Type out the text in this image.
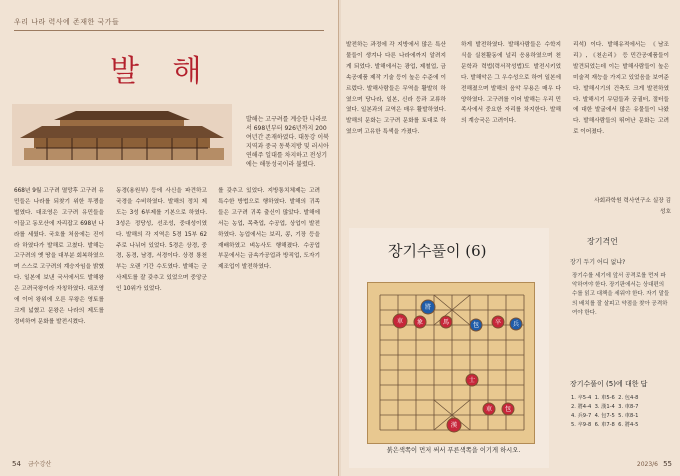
우리 나라 력사에 존재한 국가들
발 해
발해는 고구려를 계승한 나라로서 698년부터 926년까지 200여년간 존재하였다. 대동강 이북 지역과 중국 동북지방 및 러시아 연해주 일대를 차지하고 전성기에는 해동성국이라 불렸다.
668년 9월 고구려 멸망후 고구려 유민들은 나라를 되찾기 위한 투쟁을 벌였다. 대조영은 고구려 유민들을 이끌고 동모산에 자리잡고 698년 나라를 세웠다. 국호를 처음에는 진이라 하였다가 발해로 고쳤다. 발해는 고구려의 옛 땅을 대부분 회복하였으며 스스로 고구려의 계승자임을 밝혔다. 일본에 보낸 국서에서도 발해왕은 고려국왕이라 자칭하였다. 대조영에 이어 왕위에 오른 무왕은 영토를 크게 넓혔고 문왕은 나라의 제도를 정비하여 문화를 발전시켰다.
동경(용원부) 등에 사신을 파견하고 국경을 수비하였다. 발해의 정치 제도는 3성 6부제를 기본으로 하였다. 3성은 정당성, 선조성, 중대성이였다. 발해의 각 지역은 5경 15부 62주로 나뉘어 있었다. 5경은 상경, 중경, 동경, 남경, 서경이다. 상경 룡천부는 오랜 기간 수도였다. 발해는 군사제도를 잘 갖추고 있었으며 중앙군인 10위가 있었다.
를 갖추고 있었다. 지방통치체제는 고려 특수한 방법으로 행하였다. 발해의 귀족들은 고구려 귀족 출신이 많았다. 발해에서는 농업, 목축업, 수공업, 상업이 발전하였다. 농업에서는 보리, 콩, 기장 등을 재배하였고 벼농사도 행해졌다. 수공업 부문에서는 금속가공업과 방직업, 도자기 제조업이 발전하였다.
54 금수강산
발전하는 과정에 각 지방에서 많은 특산물들이 생겨나 다른 나라에까지 알려지게 되었다. 발해에서는 광업, 제철업, 금속공예품 제작 기술 등이 높은 수준에 이르렀다. 발해사람들은 무역을 활발히 하였으며 당나라, 일본, 신라 등과 교류하였다. 일본과의 교역은 매우 활발하였다. 발해의 문화는 고구려 문화를 토대로 하였으며 고유한 특색을 가졌다.
하게 발전하였다. 발해사람들은 수학지식을 실천활동에 널리 응용하였으며 천문학과 력법(력서작성법)도 발전시키었다. 발해악은 그 우수성으로 하여 일본에 전해졌으며 발해의 음악 무용은 매우 다양하였다. 고구려를 이어 발해는 우리 민족사에서 중요한 자리를 차지한다. 발해의 계승국은 고려이다.
리석) 이다. 발해유적에서는 《남조리》, 《천손리》 등 민간공예품들이 발견되었는데 이는 발해사람들이 높은 미술적 재능을 가지고 있었음을 보여준다. 발해시기의 건축도 크게 발전하였다. 발해시기 무덤들과 궁궐터, 절터들에 대한 발굴에서 많은 유물들이 나왔다. 발해사람들의 뛰어난 문화는 고려로 이어졌다.
사회과학원 력사연구소 실장 김성호
장기수풀이 (6)
車
將
包
象	馬
士
卒
漢
兵
車 包
붉은색쪽이 먼저 써서 푸른색쪽을 이기게 하시오.
장기격언
장기 두기 어디 없냐?
장기수를 세기에 앞서 공격로를 먼저 파악하여야 한다. 장기판에서는 상대편의 수를 읽고 대책을 세워야 한다. 자기 말들의 배치를 잘 살피고 약점을 찾아 공격하여야 한다.
장기수풀이 (5)에 대한 답
1. 卒5-4 1. 車5-6 2. 包4-8
2. 將4-4 3. 漢1-4 3. 車8-7
4. 兵9-7 4. 包7-5 5. 車8-1
5. 卒9-8 6. 車7-8 6. 將4-5
2023/6 55
